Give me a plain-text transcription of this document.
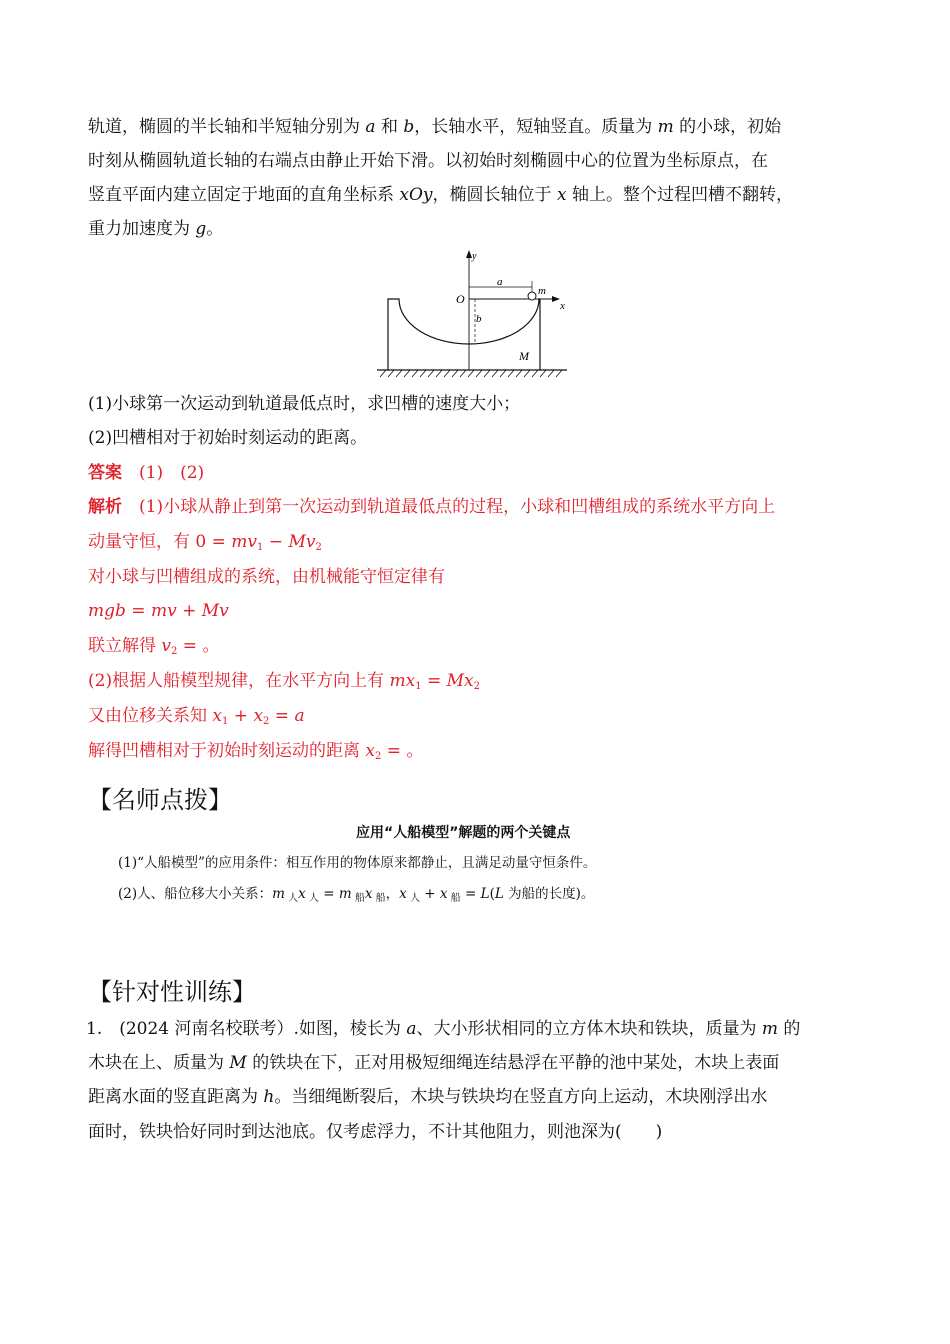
轨道，椭圆的半长轴和半短轴分别为 a 和 b，长轴水平，短轴竖直。质量为 m 的小球，初始
时刻从椭圆轨道长轴的右端点由静止开始下滑。以初始时刻椭圆中心的位置为坐标原点，在
竖直平面内建立固定于地面的直角坐标系 xOy，椭圆长轴位于 x 轴上。整个过程凹槽不翻转，
重力加速度为 g。
y
x
a
b
O
m
M
(1)小球第一次运动到轨道最低点时，求凹槽的速度大小；
(2)凹槽相对于初始时刻运动的距离。
答案　 (1)　(2)
解析　 (1)小球从静止到第一次运动到轨道最低点的过程，小球和凹槽组成的系统水平方向上
动量守恒，有 $0 = mv_1 - Mv_2$
对小球与凹槽组成的系统，由机械能守恒定律有
mgb = mv + Mv
联立解得 $v_2$ = 。
(2)根据人船模型规律，在水平方向上有 $mx_1 = Mx_2$
又由位移关系知 $x_1 + x_2 = a$
解得凹槽相对于初始时刻运动的距离 $x_2$ = 。
【名师点拨】
应用“人船模型”解题的两个关键点
(1)“人船模型”的应用条件：相互作用的物体原来都静止，且满足动量守恒条件。
(2)人、船位移大小关系：m $_人$x $_人$ = m $_船$x $_船$，x $_人$ + x $_船$ = L(L 为船的长度)。
【针对性训练】
1.　(2024 河南名校联考）.如图，棱长为 a、大小形状相同的立方体木块和铁块，质量为 m 的
木块在上、质量为 M 的铁块在下，正对用极短细绳连结悬浮在平静的池中某处，木块上表面
距离水面的竖直距离为 h。当细绳断裂后，木块与铁块均在竖直方向上运动，木块刚浮出水
面时，铁块恰好同时到达池底。仅考虑浮力，不计其他阻力，则池深为(　　)
